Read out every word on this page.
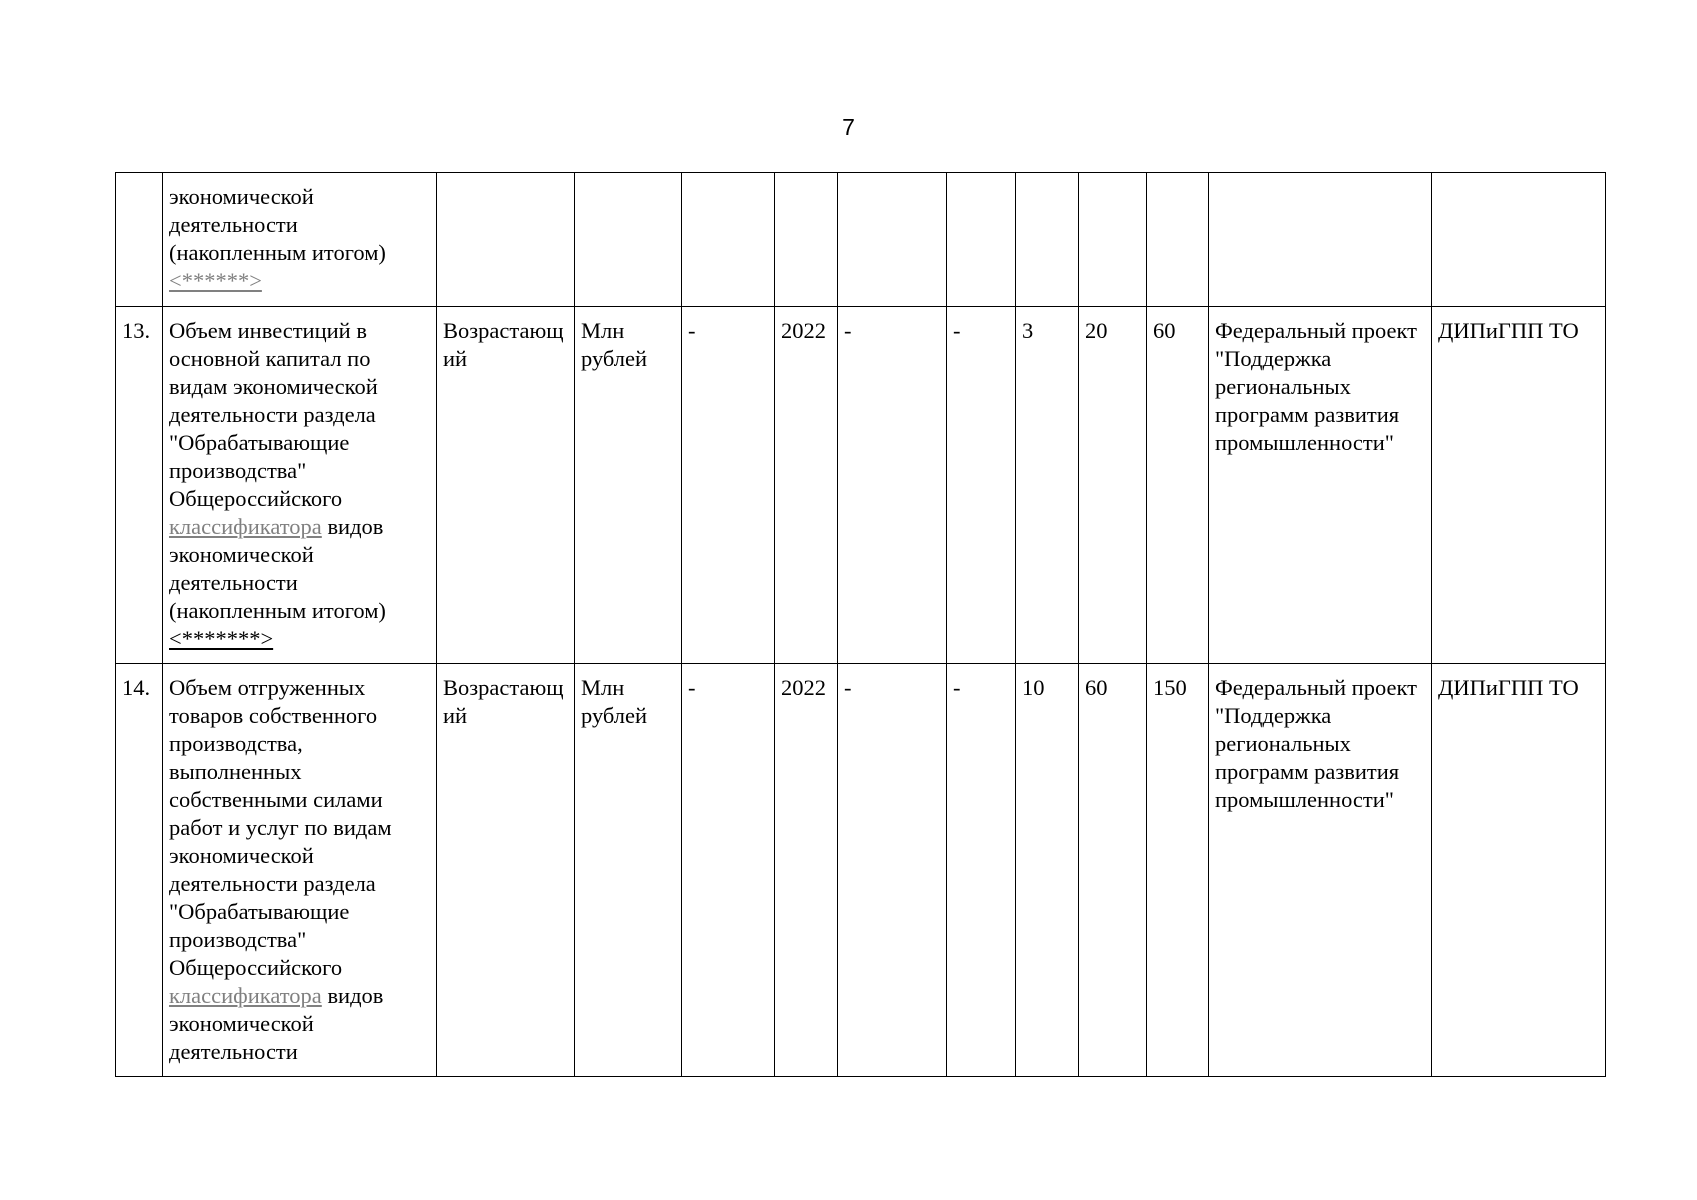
7
	экономической деятельности (накопленным итогом) <******>											
13.	Объем инвестиций в основной капитал по видам экономической деятельности раздела "Обрабатывающие производства" Общероссийского классификатора видов экономической деятельности (накопленным итогом) <*******>	Возрастающий	Млн рублей	-	2022	-	-	3	20	60	Федеральный проект "Поддержка региональных программ развития промышленности"	ДИПиГПП ТО
14.	Объем отгруженных товаров собственного производства, выполненных собственными силами работ и услуг по видам экономической деятельности раздела "Обрабатывающие производства" Общероссийского классификатора видов экономической деятельности	Возрастающий	Млн рублей	-	2022	-	-	10	60	150	Федеральный проект "Поддержка региональных программ развития промышленности"	ДИПиГПП ТО
